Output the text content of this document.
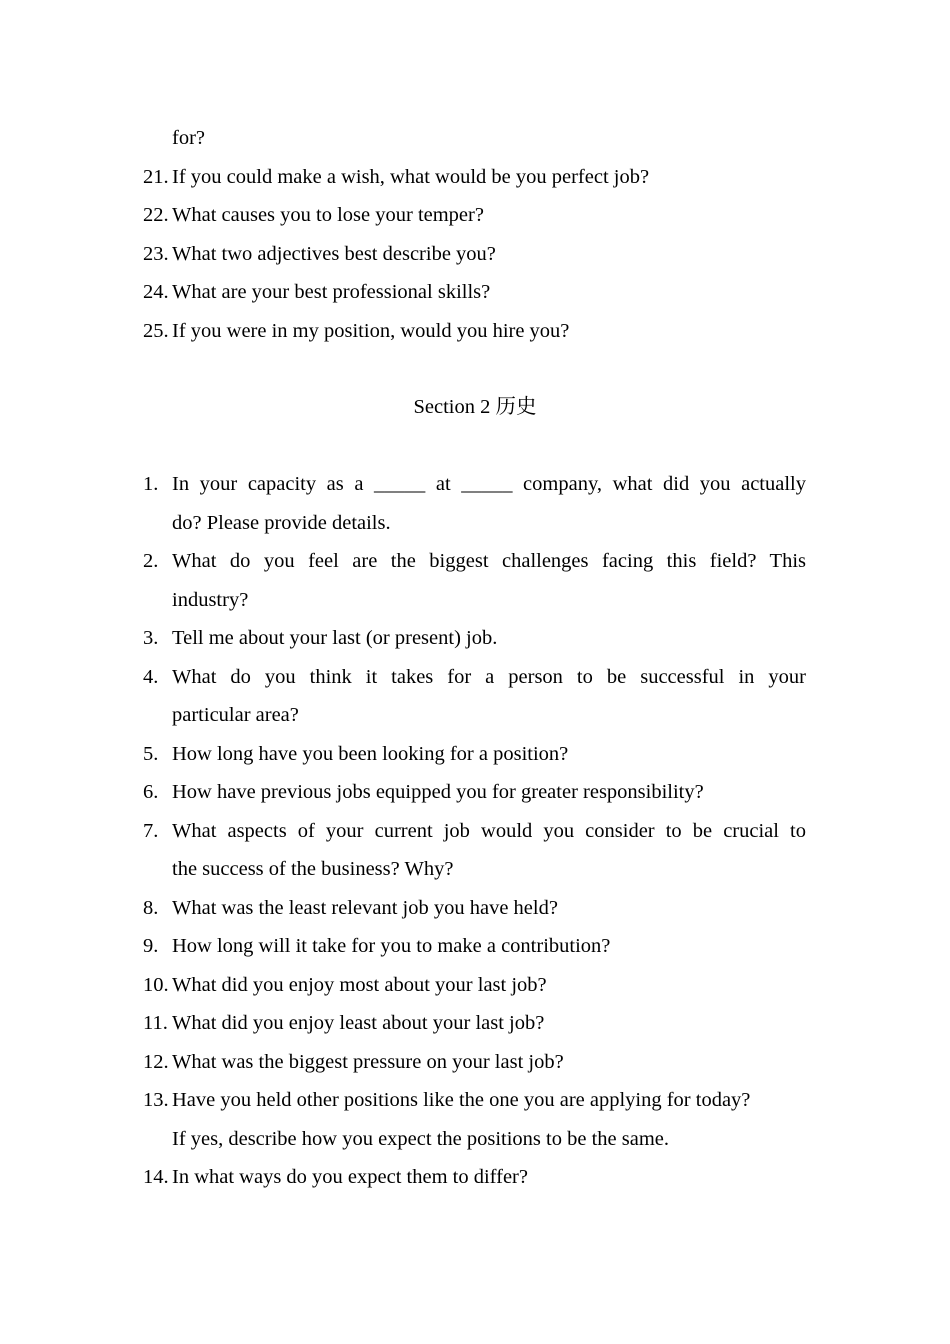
for?
21. If you could make a wish, what would be you perfect job?
22. What causes you to lose your temper?
23. What two adjectives best describe you?
24. What are your best professional skills?
25. If you were in my position, would you hire you?
Section 2 历史
1. In your capacity as a _____ at _____ company, what did you actually
do? Please provide details.
2. What do you feel are the biggest challenges facing this field? This
industry?
3. Tell me about your last (or present) job.
4. What do you think it takes for a person to be successful in your
particular area?
5. How long have you been looking for a position?
6. How have previous jobs equipped you for greater responsibility?
7. What aspects of your current job would you consider to be crucial to
the success of the business? Why?
8. What was the least relevant job you have held?
9. How long will it take for you to make a contribution?
10. What did you enjoy most about your last job?
11. What did you enjoy least about your last job?
12. What was the biggest pressure on your last job?
13. Have you held other positions like the one you are applying for today?
If yes, describe how you expect the positions to be the same.
14. In what ways do you expect them to differ?
